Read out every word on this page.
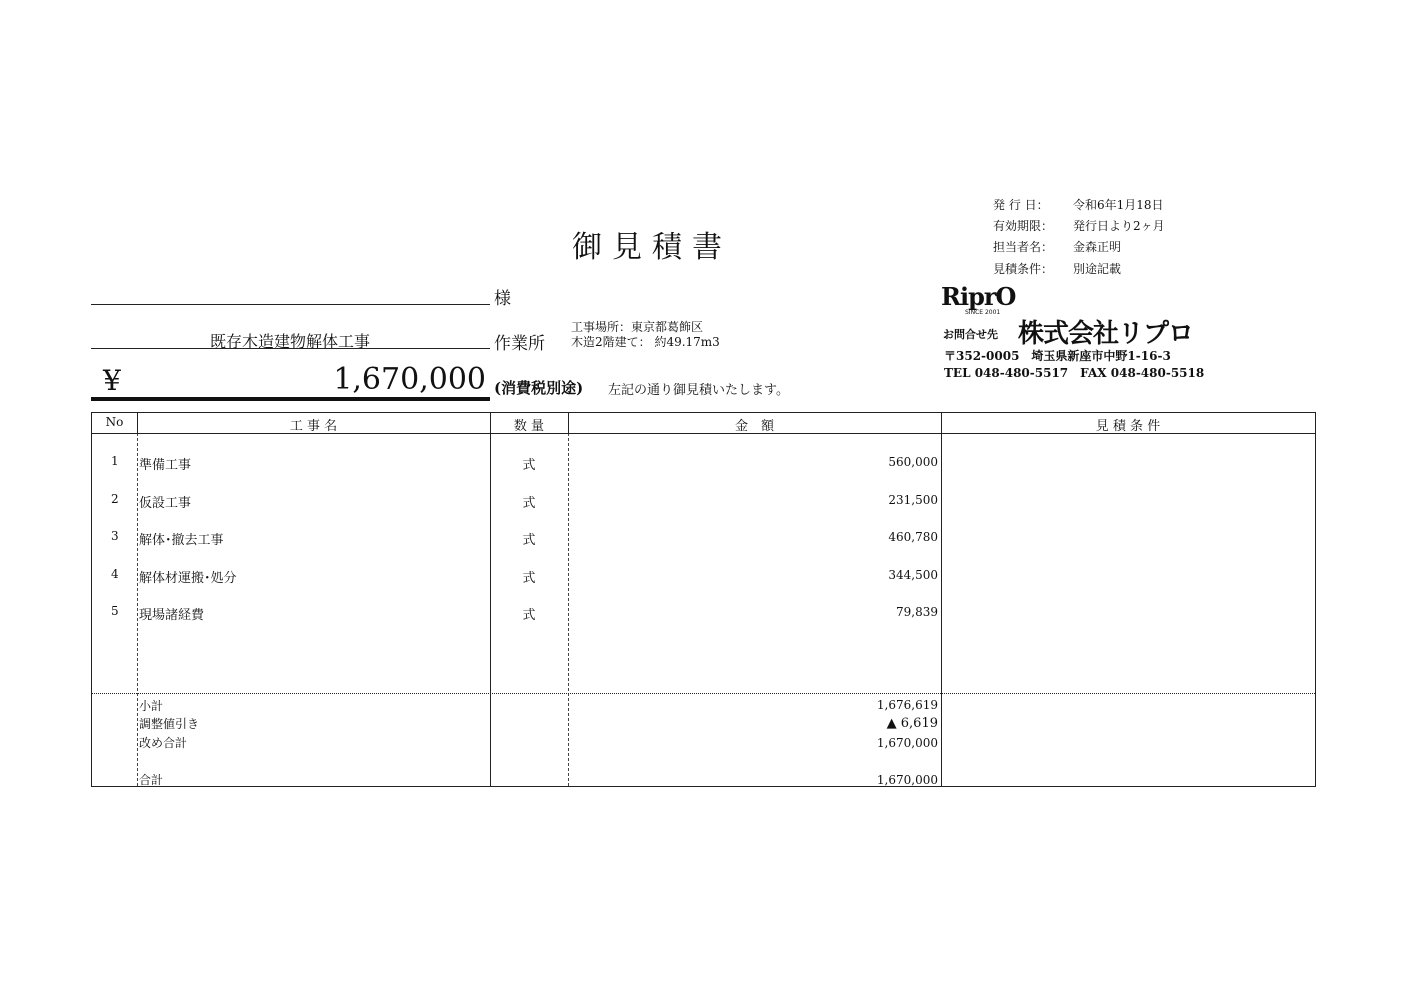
発 行 日： 令和6年1月18日
有効期限： 発行日より2ヶ月
担当者名： 金森正明
見積条件： 別途記載
御見積書
様
既存木造建物解体工事	作業所
工事場所：東京都葛飾区
木造2階建て： 約49.17m3
¥	1,670,000 (消費税別途) 左記の通り御見積いたします。
RiprO
SINCE 2001
お問合せ先 株式会社リプロ
〒352-0005　埼玉県新座市中野1-16-3
TEL 048-480-5517　FAX 048-480-5518
No	工 事 名	数 量	金　額	見 積 条 件
1 準備工事	式	560,000
2 仮設工事	式	231,500
3 解体･撤去工事	式	460,780
4 解体材運搬･処分	式	344,500
5 現場諸経費	式	79,839
小計	1,676,619
調整値引き	▲ 6,619
改め合計	1,670,000
合計	1,670,000
